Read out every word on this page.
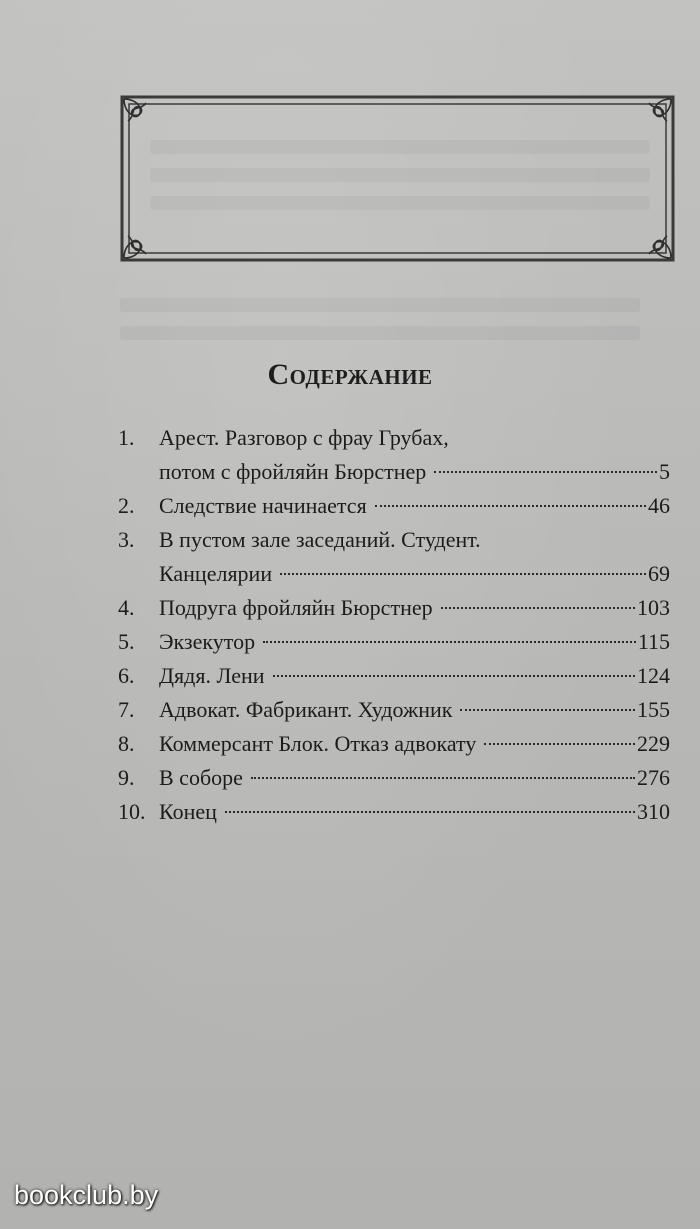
Содержание
1.	Арест. Разговор с фрау Грубах,
потом с фройляйн Бюрстнер	5
2.	Следствие начинается	46
3.	В пустом зале заседаний. Студент.
Канцелярии	69
4.	Подруга фройляйн Бюрстнер	103
5.	Экзекутор	115
6.	Дядя. Лени	124
7.	Адвокат. Фабрикант. Художник	155
8.	Коммерсант Блок. Отказ адвокату	229
9.	В соборе	276
10. Конец	310
bookclub.by
